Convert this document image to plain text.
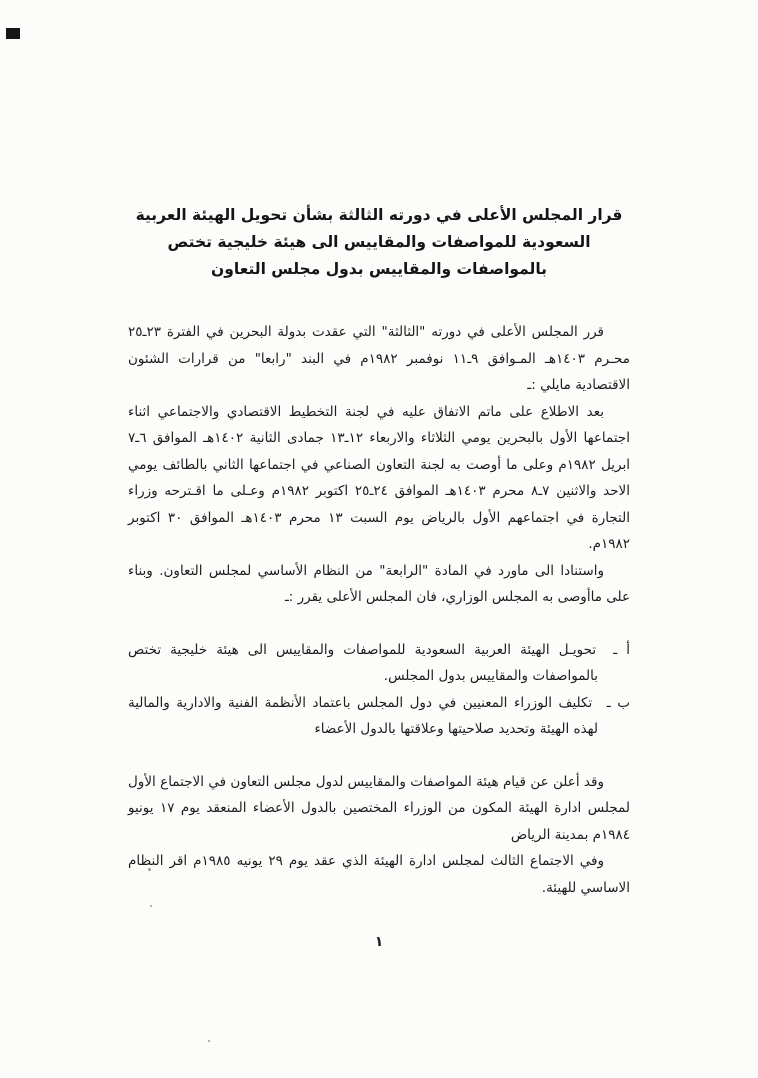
قرار المجلس الأعلى في دورته الثالثة بشأن تحويل الهيئة العربية
السعودية للمواصفات والمقاييس الى هيئة خليجية تختص
بالمواصفات والمقاييس بدول مجلس التعاون

قرر المجلس الأعلى في دورته "الثالثة" التي عقدت بدولة البحرين في الفترة ٢٣ـ٢٥ محـرم ١٤٠٣هـ المـوافق ٩ـ١١ نوفمبر ١٩٨٢م في البند "رابعا" من قرارات الشئون الاقتصادية مايلي :ـ

بعد الاطلاع على ماتم الاتفاق عليه في لجنة التخطيط الاقتصادي والاجتماعي اثناء اجتماعها الأول بالبحرين يومي الثلاثاء والاربعاء ١٢ـ١٣ جمادى الثانية ١٤٠٢هـ الموافق ٦ـ٧ ابريل ١٩٨٢م وعلى ما أوصت به لجنة التعاون الصناعي في اجتماعها الثاني بالطائف يومي الاحد والاثنين ٧ـ٨ محرم ١٤٠٣هـ الموافق ٢٤ـ٢٥ اكتوبر ١٩٨٢م وعـلى ما اقـترحه وزراء التجارة في اجتماعهم الأول بالرياض يوم السبت ١٣ محرم ١٤٠٣هـ الموافق ٣٠ اكتوبر ١٩٨٢م.

واستنادا الى ماورد في المادة "الرابعة" من النظام الأساسي لمجلس التعاون. وبناء على ماأوصى به المجلس الوزاري، فان المجلس الأعلى يقرر :ـ

أ ـ تحويـل الهيئة العربية السعودية للمواصفات والمقاييس الى هيئة خليجية تختص بالمواصفات والمقاييس بدول المجلس.
ب ـ تكليف الوزراء المعنيين في دول المجلس باعتماد الأنظمة الفنية والادارية والمالية لهذه الهيئة وتحديد صلاحيتها وعلاقتها بالدول الأعضاء

وقد أعلن عن قيام هيئة المواصفات والمقاييس لدول مجلس التعاون في الاجتماع الأول لمجلس ادارة الهيئة المكون من الوزراء المختصين بالدول الأعضاء المنعقد يوم ١٧ يونيو ١٩٨٤م بمدينة الرياض

وفي الاجتماع الثالث لمجلس ادارة الهيئة الذي عقد يوم ٢٩ يونيه ١٩٨٥م اقر النظام الاساسي للهيئة.

١
